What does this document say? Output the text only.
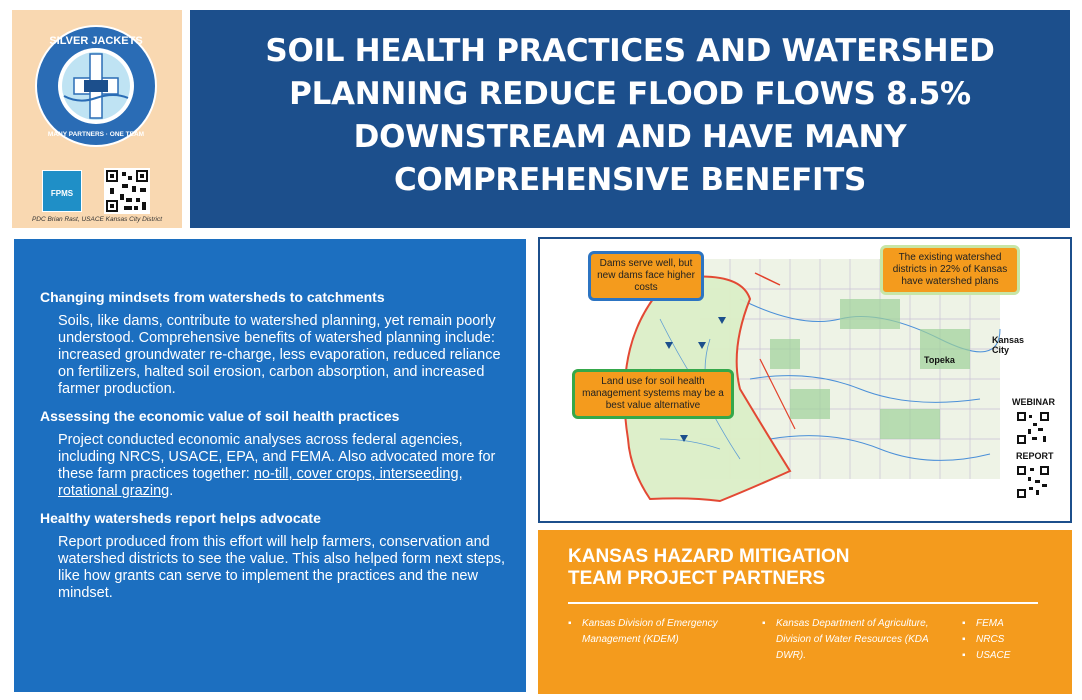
SILVER JACKETS
MANY PARTNERS · ONE TEAM
FPMS
PDC Brian Rast, USACE Kansas City District
SOIL HEALTH PRACTICES AND WATERSHED PLANNING REDUCE FLOOD FLOWS 8.5% DOWNSTREAM AND HAVE MANY COMPREHENSIVE BENEFITS
Changing mindsets from watersheds to catchments
Soils, like dams, contribute to watershed planning, yet remain poorly understood. Comprehensive benefits of watershed planning include: increased groundwater re-charge, less evaporation, reduced reliance on fertilizers, halted soil erosion, carbon absorption, and increased farmer production.
Assessing the economic value of soil health practices
Project conducted economic analyses across federal agencies, including NRCS, USACE, EPA, and FEMA. Also advocated more for these farm practices together: no-till, cover crops, interseeding, rotational grazing.
Healthy watersheds report helps advocate
Report produced from this effort will help farmers, conservation and watershed districts to see the value. This also helped form next steps, like how grants can serve to implement the practices and the new mindset.
Dams serve well, but new dams face higher costs
Land use for soil health management systems may be a best value alternative
The existing watershed districts in 22% of Kansas have watershed plans
Kansas City
Topeka
WEBINAR
REPORT
KANSAS HAZARD MITIGATION
TEAM PROJECT PARTNERS
▪ Kansas Division of Emergency Management (KDEM)
▪ Kansas Department of Agriculture, Division of Water Resources (KDA DWR).
▪ FEMA
▪ NRCS
▪ USACE
